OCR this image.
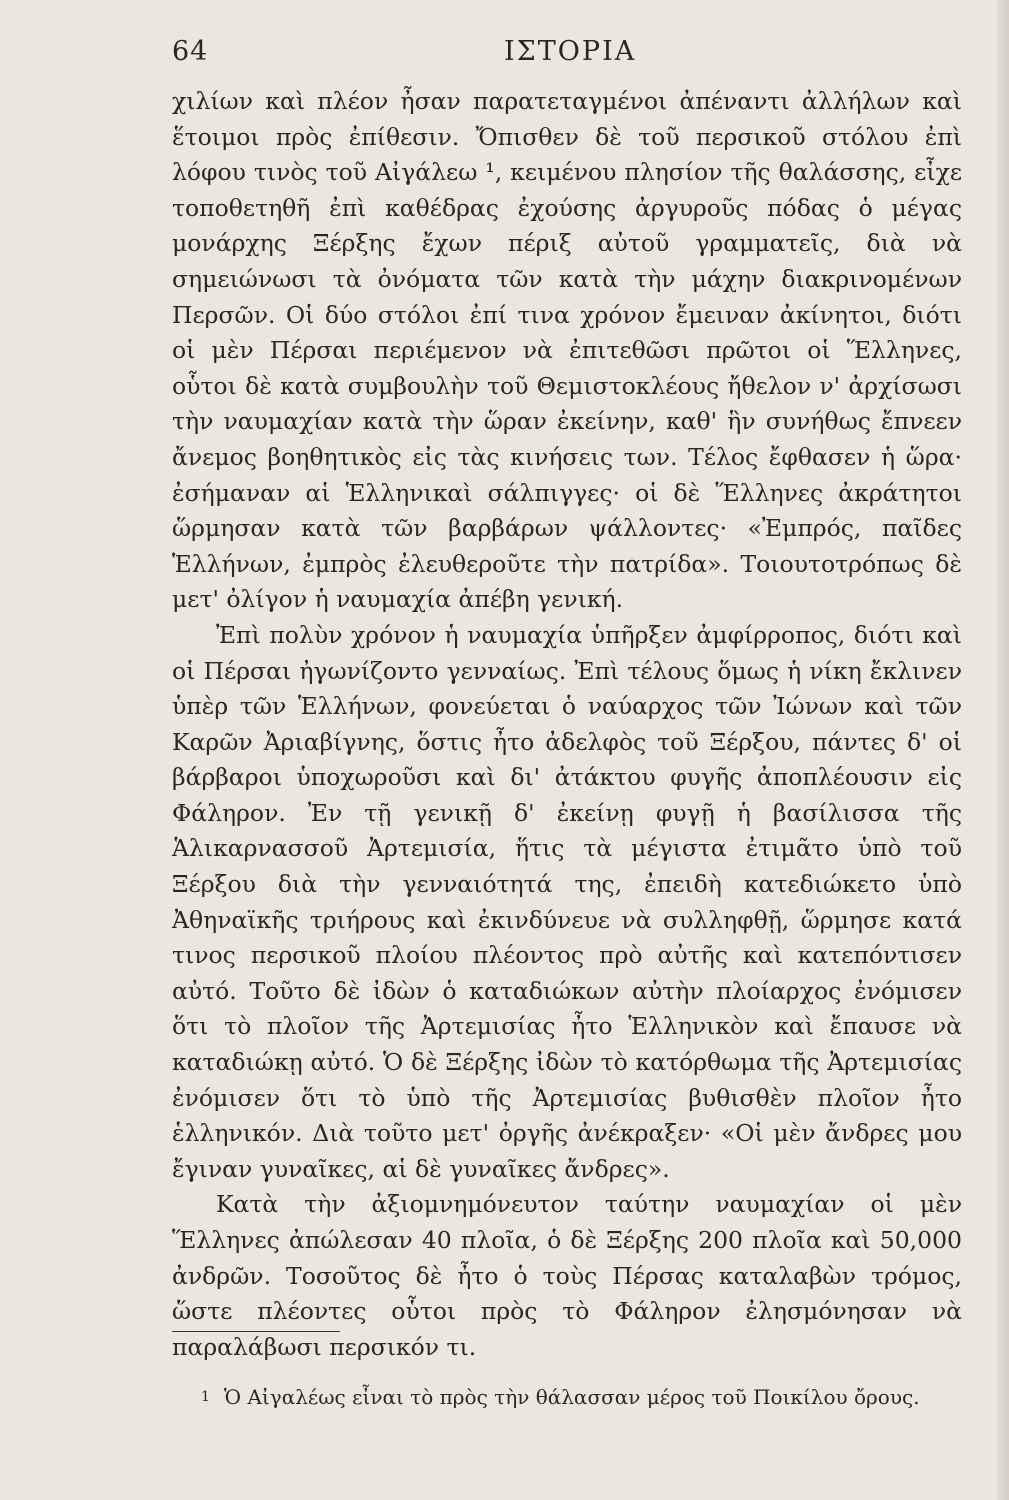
64	ΙΣΤΟΡΙΑ

χιλίων καὶ πλέον ἦσαν παρατεταγμένοι ἀπέναντι ἀλλήλων καὶ ἕτοιμοι πρὸς ἐπίθεσιν. Ὄπισθεν δὲ τοῦ περσικοῦ στόλου ἐπὶ λόφου τινὸς τοῦ Αἰγάλεω ¹, κειμένου πλησίον τῆς θαλάσσης, εἶχε τοποθετηθῆ ἐπὶ καθέδρας ἐχούσης ἀργυροῦς πόδας ὁ μέγας μονάρχης Ξέρξης ἔχων πέριξ αὐτοῦ γραμματεῖς, διὰ νὰ σημειώνωσι τὰ ὀνόματα τῶν κατὰ τὴν μάχην διακρινομένων Περσῶν. Οἱ δύο στόλοι ἐπί τινα χρόνον ἔμειναν ἀκίνητοι, διότι οἱ μὲν Πέρσαι περιέμενον νὰ ἐπιτεθῶσι πρῶτοι οἱ Ἕλληνες, οὗτοι δὲ κατὰ συμβουλὴν τοῦ Θεμιστοκλέους ἤθελον ν' ἀρχίσωσι τὴν ναυμαχίαν κατὰ τὴν ὥραν ἐκείνην, καθ' ἣν συνήθως ἔπνεεν ἄνεμος βοηθητικὸς εἰς τὰς κινήσεις των. Τέλος ἔφθασεν ἡ ὥρα· ἐσήμαναν αἱ Ἑλληνικαὶ σάλπιγγες· οἱ δὲ Ἕλληνες ἀκράτητοι ὥρμησαν κατὰ τῶν βαρβάρων ψάλλοντες· «Ἐμπρός, παῖδες Ἑλλήνων, ἐμπρὸς ἐλευθεροῦτε τὴν πατρίδα». Τοιουτοτρόπως δὲ μετ' ὀλίγον ἡ ναυμαχία ἀπέβη γενική.

Ἐπὶ πολὺν χρόνον ἡ ναυμαχία ὑπῆρξεν ἀμφίρροπος, διότι καὶ οἱ Πέρσαι ἠγωνίζοντο γενναίως. Ἐπὶ τέλους ὅμως ἡ νίκη ἔκλινεν ὑπὲρ τῶν Ἑλλήνων, φονεύεται ὁ ναύαρχος τῶν Ἰώνων καὶ τῶν Καρῶν Ἀριαβίγνης, ὅστις ἦτο ἀδελφὸς τοῦ Ξέρξου, πάντες δ' οἱ βάρβαροι ὑποχωροῦσι καὶ δι' ἀτάκτου φυγῆς ἀποπλέουσιν εἰς Φάληρον. Ἐν τῇ γενικῇ δ' ἐκείνῃ φυγῇ ἡ βασίλισσα τῆς Ἁλικαρνασσοῦ Ἀρτεμισία, ἥτις τὰ μέγιστα ἐτιμᾶτο ὑπὸ τοῦ Ξέρξου διὰ τὴν γενναιότητά της, ἐπειδὴ κατεδιώκετο ὑπὸ Ἀθηναϊκῆς τριήρους καὶ ἐκινδύνευε νὰ συλληφθῇ, ὥρμησε κατά τινος περσικοῦ πλοίου πλέοντος πρὸ αὐτῆς καὶ κατεπόντισεν αὐτό. Τοῦτο δὲ ἰδὼν ὁ καταδιώκων αὐτὴν πλοίαρχος ἐνόμισεν ὅτι τὸ πλοῖον τῆς Ἀρτεμισίας ἦτο Ἑλληνικὸν καὶ ἔπαυσε νὰ καταδιώκῃ αὐτό. Ὁ δὲ Ξέρξης ἰδὼν τὸ κατόρθωμα τῆς Ἀρτεμισίας ἐνόμισεν ὅτι τὸ ὑπὸ τῆς Ἀρτεμισίας βυθισθὲν πλοῖον ἦτο ἑλληνικόν. Διὰ τοῦτο μετ' ὀργῆς ἀνέκραξεν· «Οἱ μὲν ἄνδρες μου ἔγιναν γυναῖκες, αἱ δὲ γυναῖκες ἄνδρες».

Κατὰ τὴν ἀξιομνημόνευτον ταύτην ναυμαχίαν οἱ μὲν Ἕλληνες ἀπώλεσαν 40 πλοῖα, ὁ δὲ Ξέρξης 200 πλοῖα καὶ 50,000 ἀνδρῶν. Τοσοῦτος δὲ ἦτο ὁ τοὺς Πέρσας καταλαβὼν τρόμος, ὥστε πλέοντες οὗτοι πρὸς τὸ Φάληρον ἐλησμόνησαν νὰ παραλάβωσι περσικόν τι.

$^1$ Ὁ Αἰγαλέως εἶναι τὸ πρὸς τὴν θάλασσαν μέρος τοῦ Ποικίλου ὄρους.
